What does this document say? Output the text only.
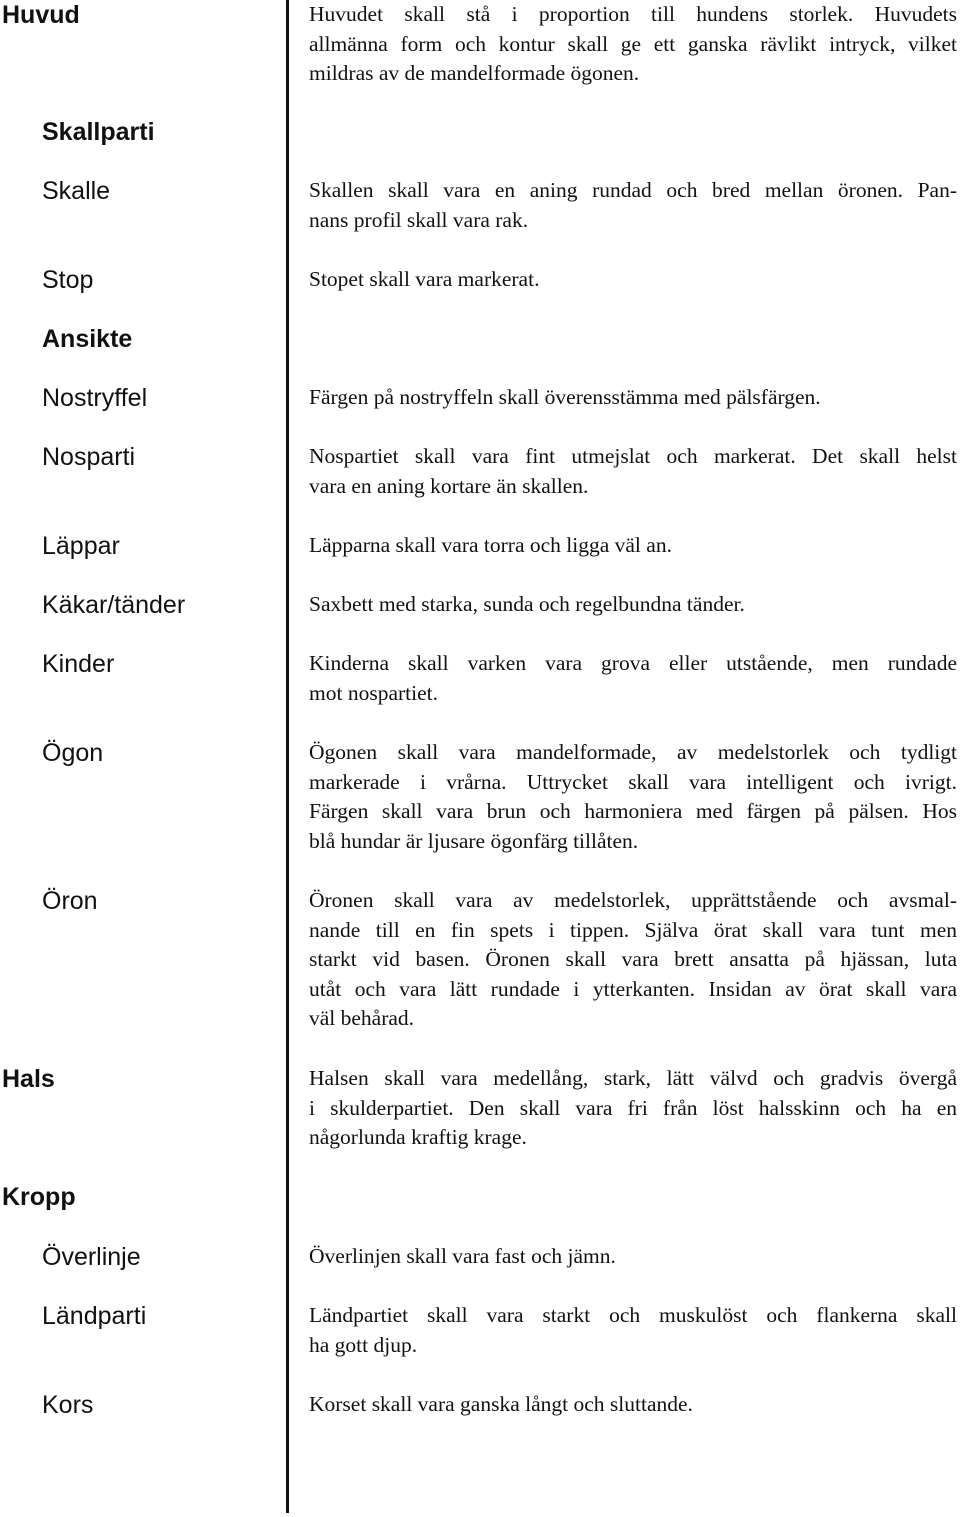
Huvud	Huvudet skall stå i proportion till hundens storlek. Huvudets
allmänna form och kontur skall ge ett ganska rävlikt intryck, vilket
mildras av de mandelformade ögonen.
Skallparti
Skalle	Skallen skall vara en aning rundad och bred mellan öronen. Pan-
nans profil skall vara rak.
Stop	Stopet skall vara markerat.
Ansikte
Nostryffel	Färgen på nostryffeln skall överensstämma med pälsfärgen.
Nosparti	Nospartiet skall vara fint utmejslat och markerat. Det skall helst
vara en aning kortare än skallen.
Läppar	Läpparna skall vara torra och ligga väl an.
Käkar/tänder	Saxbett med starka, sunda och regelbundna tänder.
Kinder	Kinderna skall varken vara grova eller utstående, men rundade
mot nospartiet.
Ögon	Ögonen skall vara mandelformade, av medelstorlek och tydligt
markerade i vrårna. Uttrycket skall vara intelligent och ivrigt.
Färgen skall vara brun och harmoniera med färgen på pälsen. Hos
blå hundar är ljusare ögonfärg tillåten.
Öron	Öronen skall vara av medelstorlek, upprättstående och avsmal-
nande till en fin spets i tippen. Själva örat skall vara tunt men
starkt vid basen. Öronen skall vara brett ansatta på hjässan, luta
utåt och vara lätt rundade i ytterkanten. Insidan av örat skall vara
väl behårad.
Hals	Halsen skall vara medellång, stark, lätt välvd och gradvis övergå
i skulderpartiet. Den skall vara fri från löst halsskinn och ha en
någorlunda kraftig krage.
Kropp
Överlinje	Överlinjen skall vara fast och jämn.
Ländparti	Ländpartiet skall vara starkt och muskulöst och flankerna skall
ha gott djup.
Kors	Korset skall vara ganska långt och sluttande.
